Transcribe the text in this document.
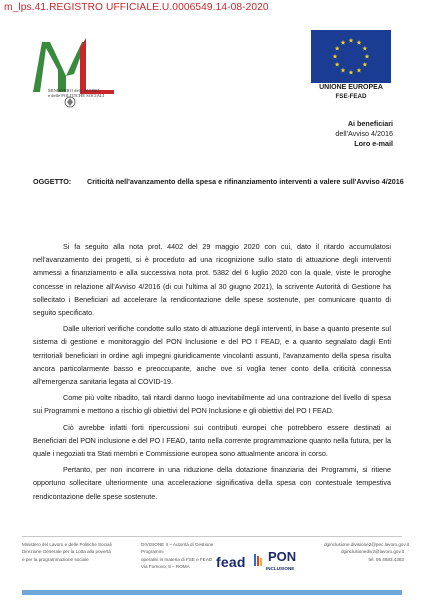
m_lps.41.REGISTRO UFFICIALE.U.0006549.14-08-2020
MINISTERO del LAVORO
e delle POLITICHE SOCIALI
UNIONE EUROPEA
FSE-FEAD
Ai beneficiari
dell'Avviso 4/2016
Loro e-mail
OGGETTO: Criticità nell'avanzamento della spesa e rifinanziamento interventi a valere sull'Avviso 4/2016

Si fa seguito alla nota prot. 4402 del 29 maggio 2020 con cui, dato il ritardo accumulatosi nell'avanzamento dei progetti, si è proceduto ad una ricognizione sullo stato di attuazione degli interventi ammessi a finanziamento e alla successiva nota prot. 5382 del 6 luglio 2020 con la quale, viste le proroghe concesse in relazione all'Avviso 4/2016 (di cui l'ultima al 30 giugno 2021), la scrivente Autorità di Gestione ha sollecitato i Beneficiari ad accelerare la rendicontazione delle spese sostenute, per comunicare quanto di seguito specificato.

Dalle ulteriori verifiche condotte sullo stato di attuazione degli interventi, in base a quanto presente sul sistema di gestione e monitoraggio del PON Inclusione e del PO I FEAD, e a quanto segnalato dagli Enti territoriali beneficiari in ordine agli impegni giuridicamente vincolanti assunti, l'avanzamento della spesa risulta ancora particolarmente basso e preoccupante, anche ove si voglia tener conto della criticità connessa all'emergenza sanitaria legata al COVID-19.

Come più volte ribadito, tali ritardi danno luogo inevitabilmente ad una contrazione del livello di spesa sui Programmi e mettono a rischio gli obiettivi del PON Inclusione e gli obiettivi del PO I FEAD.

Ciò avrebbe infatti forti ripercussioni sui contributi europei che potrebbero essere destinati ai Beneficiari del PON inclusione e del PO I FEAD, tanto nella corrente programmazione quanto nella futura, per la quale i negoziati tra Stati membri e Commissione europea sono attualmente ancora in corso.

Pertanto, per non incorrere in una riduzione della dotazione finanziaria dei Programmi, si ritiene opportuno sollecitare ulteriormente una accelerazione significativa della spesa con contestuale tempestiva rendicontazione delle spese sostenute.

Ministero del Lavoro e delle Politiche Sociali
Direzione Generale per la Lotta alla povertà
e per la programmazione sociale
DIVISIONE II – Autorità di Gestione Programmi
operativi in materia di FSE e FEAD
Via Fornovo, 8 – ROMA
dginclusione.divisione2@pec.lavoro.gov.it
dginclusionediv2@lavoro.gov.it
tel. 06.4683.4383
fead PON
INCLUSIONE
